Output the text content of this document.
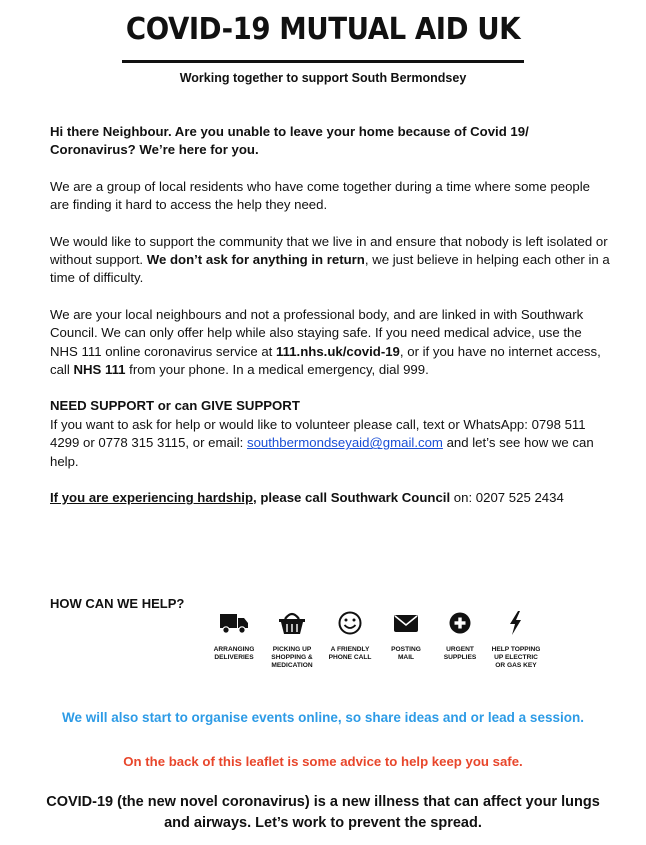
COVID-19 MUTUAL AID UK
Working together to support South Bermondsey

Hi there Neighbour. Are you unable to leave your home because of Covid 19/ Coronavirus? We’re here for you.

We are a group of local residents who have come together during a time where some people are finding it hard to access the help they need.

We would like to support the community that we live in and ensure that nobody is left isolated or without support. We don’t ask for anything in return, we just believe in helping each other in a time of difficulty.

We are your local neighbours and not a professional body, and are linked in with Southwark Council. We can only offer help while also staying safe. If you need medical advice, use the NHS 111 online coronavirus service at 111.nhs.uk/covid-19, or if you have no internet access, call NHS 111 from your phone. In a medical emergency, dial 999.

NEED SUPPORT or can GIVE SUPPORT
If you want to ask for help or would like to volunteer please call, text or WhatsApp: 0798 511 4299 or 0778 315 3115, or email: southbermondseyaid@gmail.com and let’s see how we can help.

If you are experiencing hardship, please call Southwark Council on: 0207 525 2434

HOW CAN WE HELP?
ARRANGING
DELIVERIES
PICKING UP
SHOPPING &
MEDICATION
A FRIENDLY
PHONE CALL
POSTING
MAIL
URGENT
SUPPLIES
HELP TOPPING
UP ELECTRIC
OR GAS KEY
We will also start to organise events online, so share ideas and or lead a session.
On the back of this leaflet is some advice to help keep you safe.
COVID-19 (the new novel coronavirus) is a new illness that can affect your lungs and airways. Let’s work to prevent the spread.
